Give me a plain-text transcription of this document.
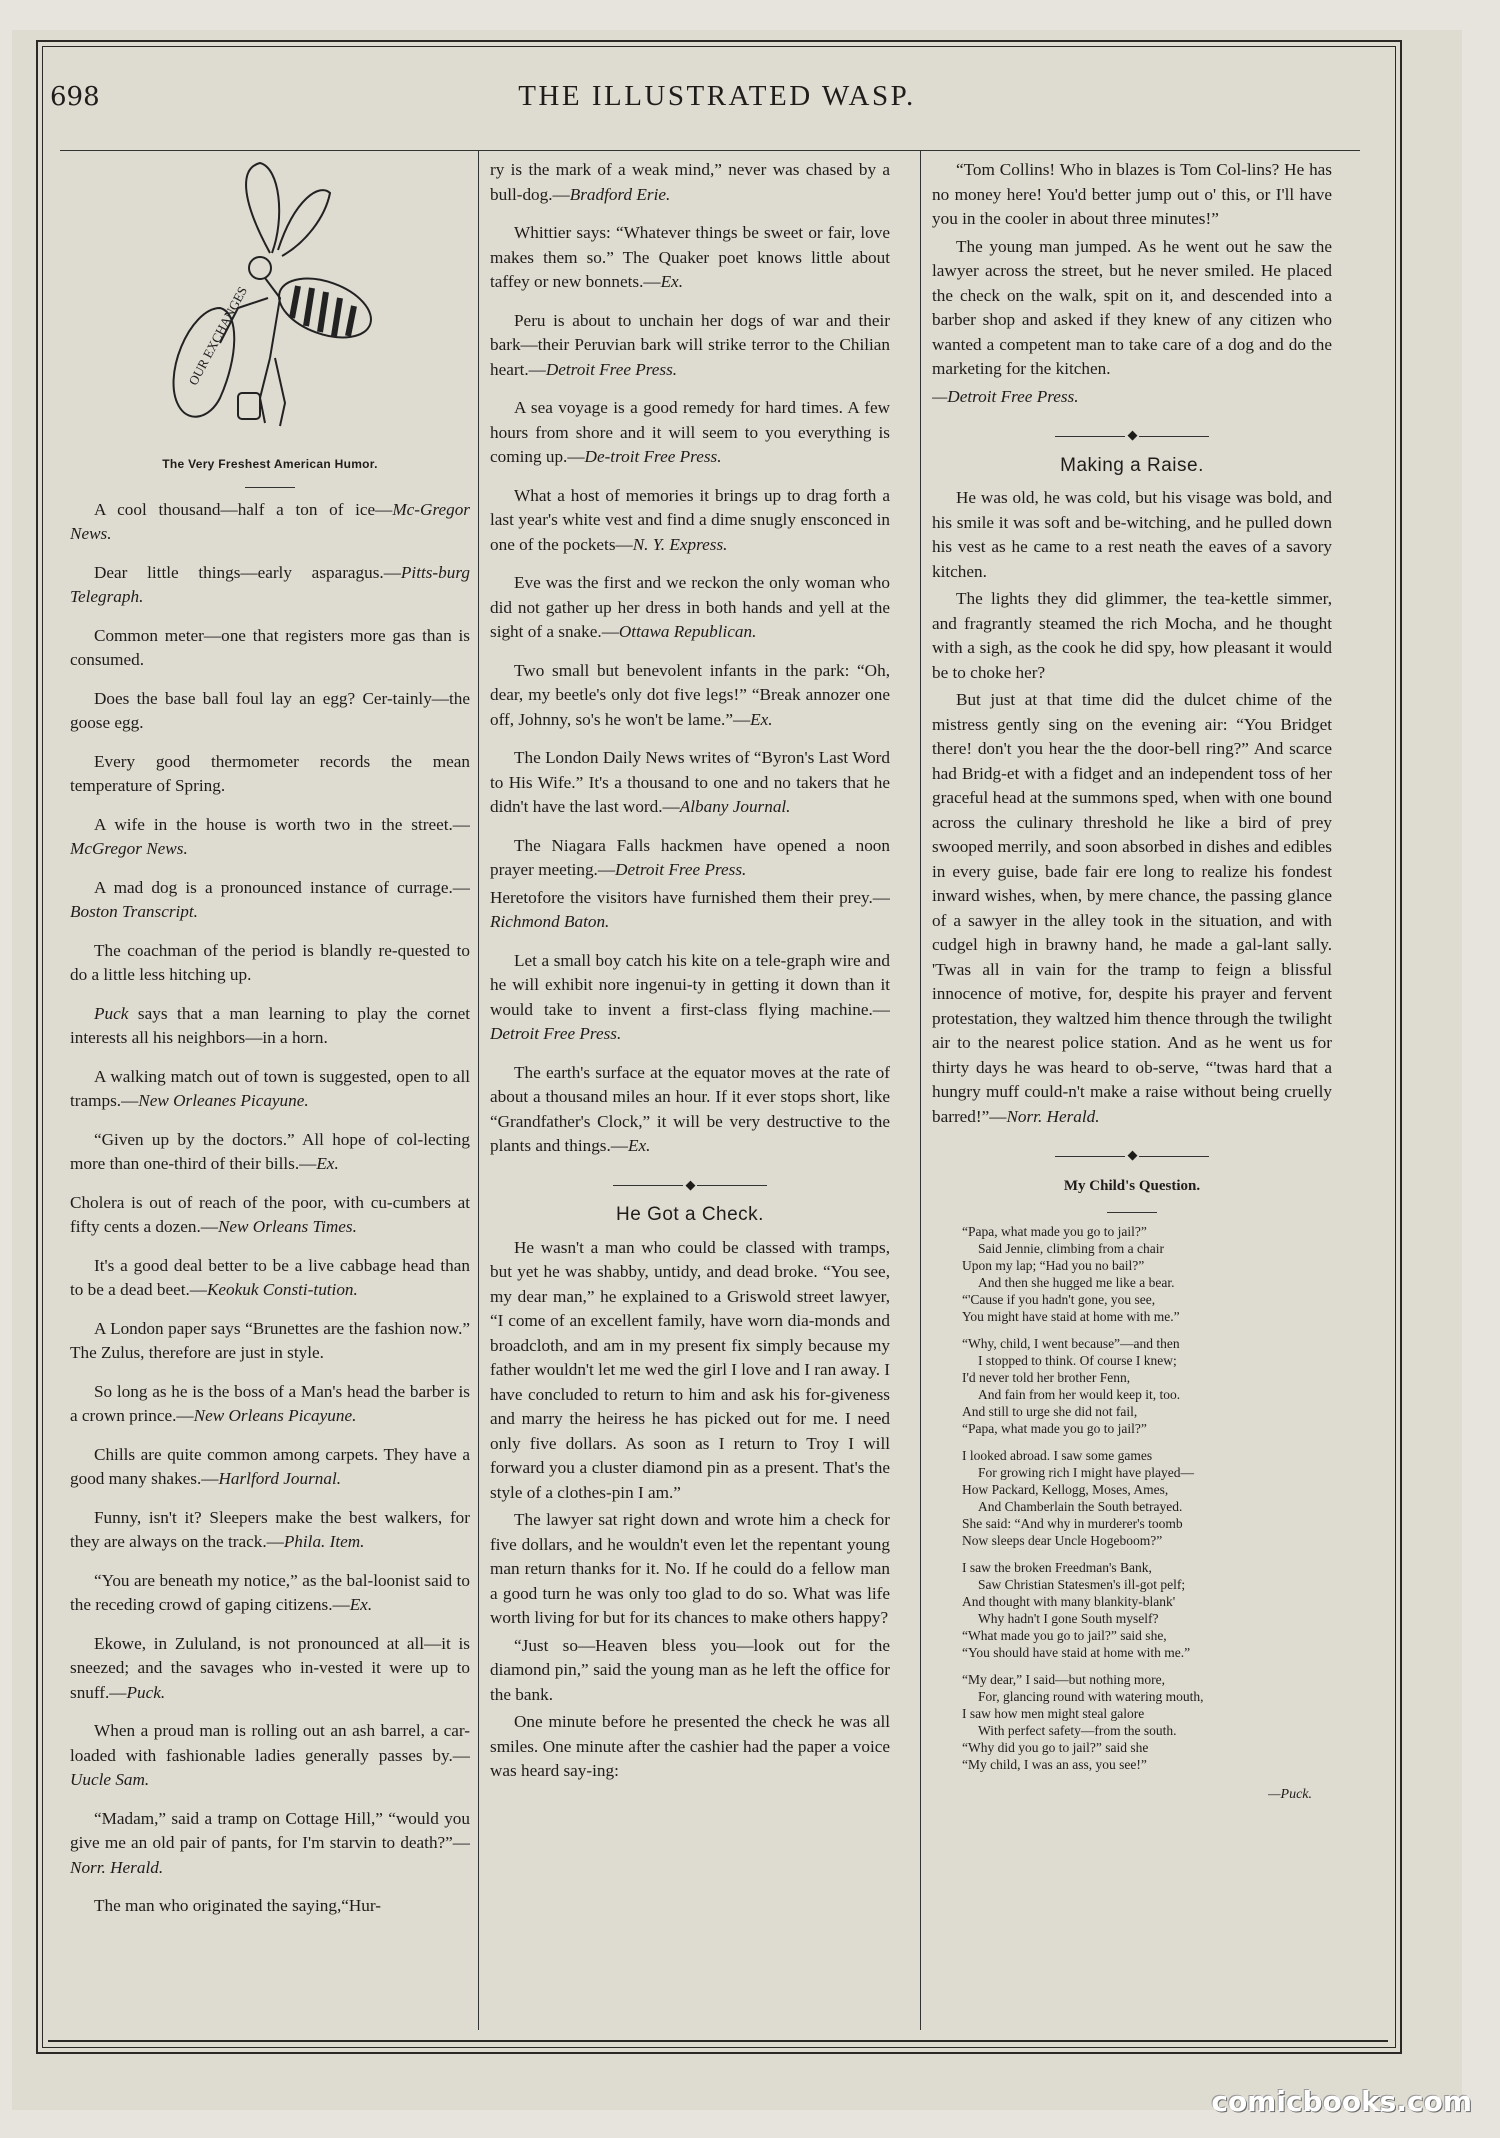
698	THE ILLUSTRATED WASP.
OUR EXCHANGES
The Very Freshest American Humor.

A cool thousand—half a ton of ice—Mc-Gregor News.

Dear little things—early asparagus.—Pitts-burg Telegraph.

Common meter—one that registers more gas than is consumed.

Does the base ball foul lay an egg? Cer-tainly—the goose egg.

Every good thermometer records the mean temperature of Spring.

A wife in the house is worth two in the street.—McGregor News.

A mad dog is a pronounced instance of currage.—Boston Transcript.

The coachman of the period is blandly re-quested to do a little less hitching up.

Puck says that a man learning to play the cornet interests all his neighbors—in a horn.

A walking match out of town is suggested, open to all tramps.—New Orleanes Picayune.

“Given up by the doctors.” All hope of col-lecting more than one-third of their bills.—Ex.

Cholera is out of reach of the poor, with cu-cumbers at fifty cents a dozen.—New Orleans Times.

It's a good deal better to be a live cabbage head than to be a dead beet.—Keokuk Consti-tution.

A London paper says “Brunettes are the fashion now.” The Zulus, therefore are just in style.

So long as he is the boss of a Man's head the barber is a crown prince.—New Orleans Picayune.

Chills are quite common among carpets. They have a good many shakes.—Harlford Journal.

Funny, isn't it? Sleepers make the best walkers, for they are always on the track.—Phila. Item.

“You are beneath my notice,” as the bal-loonist said to the receding crowd of gaping citizens.—Ex.

Ekowe, in Zululand, is not pronounced at all—it is sneezed; and the savages who in-vested it were up to snuff.—Puck.

When a proud man is rolling out an ash barrel, a car-loaded with fashionable ladies generally passes by.—Uucle Sam.

“Madam,” said a tramp on Cottage Hill,” “would you give me an old pair of pants, for I'm starvin to death?”—Norr. Herald.

The man who originated the saying,“Hur-

ry is the mark of a weak mind,” never was chased by a bull-dog.—Bradford Erie.

Whittier says: “Whatever things be sweet or fair, love makes them so.” The Quaker poet knows little about taffey or new bonnets.—Ex.

Peru is about to unchain her dogs of war and their bark—their Peruvian bark will strike terror to the Chilian heart.—Detroit Free Press.

A sea voyage is a good remedy for hard times. A few hours from shore and it will seem to you everything is coming up.—De-troit Free Press.

What a host of memories it brings up to drag forth a last year's white vest and find a dime snugly ensconced in one of the pockets—N. Y. Express.

Eve was the first and we reckon the only woman who did not gather up her dress in both hands and yell at the sight of a snake.—Ottawa Republican.

Two small but benevolent infants in the park: “Oh, dear, my beetle's only dot five legs!” “Break annozer one off, Johnny, so's he won't be lame.”—Ex.

The London Daily News writes of “Byron's Last Word to His Wife.” It's a thousand to one and no takers that he didn't have the last word.—Albany Journal.

The Niagara Falls hackmen have opened a noon prayer meeting.—Detroit Free Press.

Heretofore the visitors have furnished them their prey.—Richmond Baton.

Let a small boy catch his kite on a tele-graph wire and he will exhibit nore ingenui-ty in getting it down than it would take to invent a first-class flying machine.—Detroit Free Press.

The earth's surface at the equator moves at the rate of about a thousand miles an hour. If it ever stops short, like “Grandfather's Clock,” it will be very destructive to the plants and things.—Ex.

◆
He Got a Check.

He wasn't a man who could be classed with tramps, but yet he was shabby, untidy, and dead broke. “You see, my dear man,” he explained to a Griswold street lawyer, “I come of an excellent family, have worn dia-monds and broadcloth, and am in my present fix simply because my father wouldn't let me wed the girl I love and I ran away. I have concluded to return to him and ask his for-giveness and marry the heiress he has picked out for me. I need only five dollars. As soon as I return to Troy I will forward you a cluster diamond pin as a present. That's the style of a clothes-pin I am.”

The lawyer sat right down and wrote him a check for five dollars, and he wouldn't even let the repentant young man return thanks for it. No. If he could do a fellow man a good turn he was only too glad to do so. What was life worth living for but for its chances to make others happy?

“Just so—Heaven bless you—look out for the diamond pin,” said the young man as he left the office for the bank.

One minute before he presented the check he was all smiles. One minute after the cashier had the paper a voice was heard say-ing:

“Tom Collins! Who in blazes is Tom Col-lins? He has no money here! You'd better jump out o' this, or I'll have you in the cooler in about three minutes!”

The young man jumped. As he went out he saw the lawyer across the street, but he never smiled. He placed the check on the walk, spit on it, and descended into a barber shop and asked if they knew of any citizen who wanted a competent man to take care of a dog and do the marketing for the kitchen.

—Detroit Free Press.

◆
Making a Raise.

He was old, he was cold, but his visage was bold, and his smile it was soft and be-witching, and he pulled down his vest as he came to a rest neath the eaves of a savory kitchen.

The lights they did glimmer, the tea-kettle simmer, and fragrantly steamed the rich Mocha, and he thought with a sigh, as the cook he did spy, how pleasant it would be to choke her?

But just at that time did the dulcet chime of the mistress gently sing on the evening air: “You Bridget there! don't you hear the the door-bell ring?” And scarce had Bridg-et with a fidget and an independent toss of her graceful head at the summons sped, when with one bound across the culinary threshold he like a bird of prey swooped merrily, and soon absorbed in dishes and edibles in every guise, bade fair ere long to realize his fondest inward wishes, when, by mere chance, the passing glance of a sawyer in the alley took in the situation, and with cudgel high in brawny hand, he made a gal-lant sally. 'Twas all in vain for the tramp to feign a blissful innocence of motive, for, despite his prayer and fervent protestation, they waltzed him thence through the twilight air to the nearest police station. And as he went us for thirty days he was heard to ob-serve, “'twas hard that a hungry muff could-n't make a raise without being cruelly barred!”—Norr. Herald.

◆
My Child's Question.
“Papa, what made you go to jail?”
Said Jennie, climbing from a chair
Upon my lap; “Had you no bail?”
And then she hugged me like a bear.
“'Cause if you hadn't gone, you see,
You might have staid at home with me.”
“Why, child, I went because”—and then
I stopped to think. Of course I knew;
I'd never told her brother Fenn,
And fain from her would keep it, too.
And still to urge she did not fail,
“Papa, what made you go to jail?”
I looked abroad. I saw some games
For growing rich I might have played—
How Packard, Kellogg, Moses, Ames,
And Chamberlain the South betrayed.
She said: “And why in murderer's toomb
Now sleeps dear Uncle Hogeboom?”
I saw the broken Freedman's Bank,
Saw Christian Statesmen's ill-got pelf;
And thought with many blankity-blank'
Why hadn't I gone South myself?
“What made you go to jail?” said she,
“You should have staid at home with me.”
“My dear,” I said—but nothing more,
For, glancing round with watering mouth,
I saw how men might steal galore
With perfect safety—from the south.
“Why did you go to jail?” said she
“My child, I was an ass, you see!”
—Puck.
comicbooks.com
